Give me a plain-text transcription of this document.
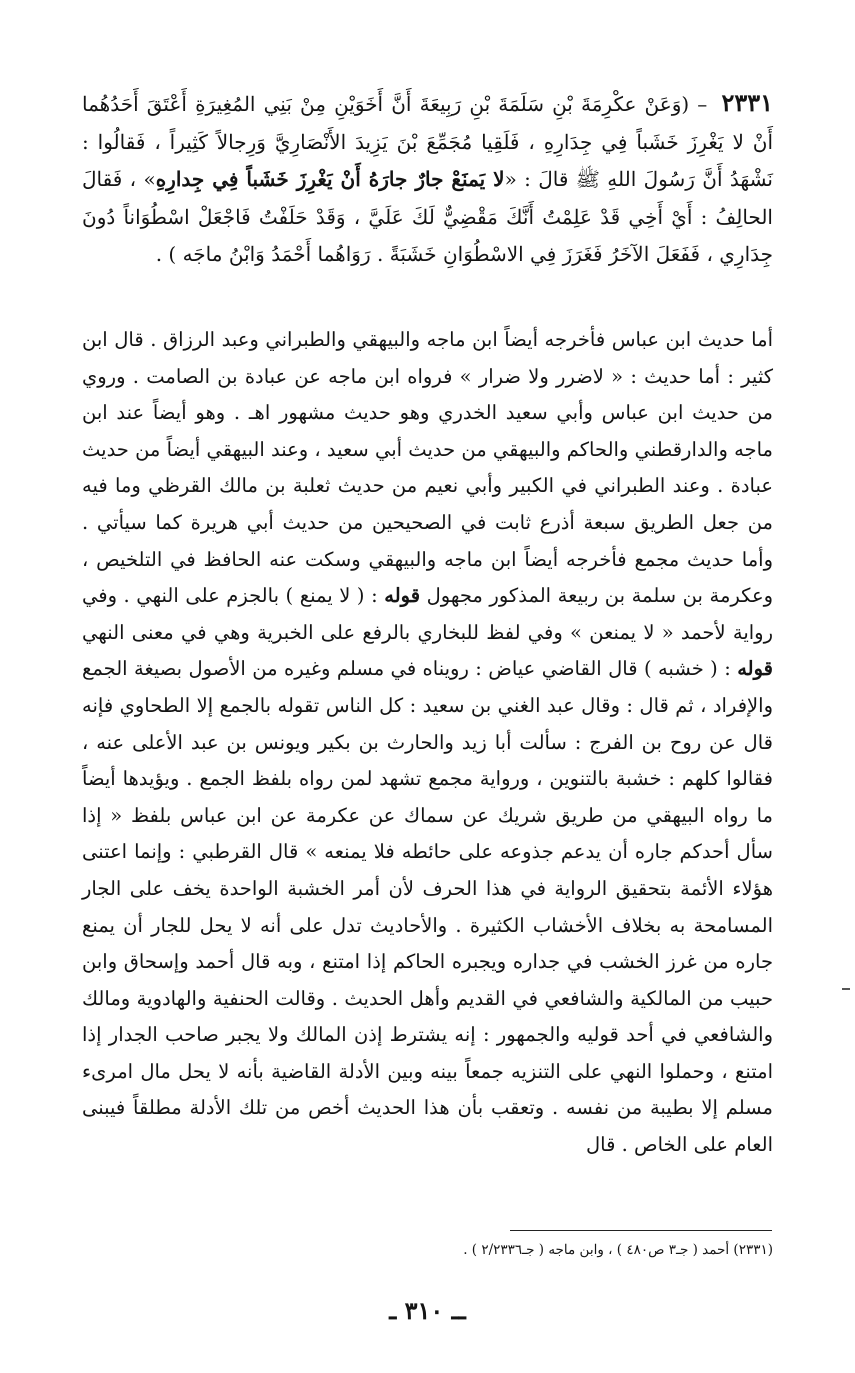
٢٣٣١ – (وَعَنْ عكْرِمَةَ بْنِ سَلَمَةَ بْنِ رَبِيعَةَ أَنَّ أَخَوَيْنِ مِنْ بَنِي المُغِيرَةِ أَعْتَقَ أَحَدُهُما أَنْ لا يَغْرِزَ خَشَباً فِي جِدَارِهِ ، فَلَقِيا مُجَمِّعَ بْنَ يَزِيدَ الأَنْصَارِيَّ وَرِجالاً كَثِيراً ، فَقالُوا : نَشْهَدُ أَنَّ رَسُولَ اللهِ ﷺ قالَ : «لا يَمنَعْ جارٌ جارَهُ أَنْ يَغْرِزَ خَشَباً فِي جِدارِهِ» ، فَقالَ الحالِفُ : أَيْ أَخِي قَدْ عَلِمْتُ أَنَّكَ مَقْضِيٌّ لَكَ عَلَيَّ ، وَقَدْ حَلَفْتُ فَاجْعَلْ اسْطُوَاناً دُونَ جِدَارِي ، فَفَعَلَ الآخَرُ فَغَرَزَ فِي الاسْطُوَانِ خَشَبَةً . رَوَاهُما أَحْمَدُ وَابْنُ ماجَه ) .
أما حديث ابن عباس فأخرجه أيضاً ابن ماجه والبيهقي والطبراني وعبد الرزاق . قال ابن كثير : أما حديث : « لاضرر ولا ضرار » فرواه ابن ماجه عن عبادة بن الصامت . وروي من حديث ابن عباس وأبي سعيد الخدري وهو حديث مشهور اهـ . وهو أيضاً عند ابن ماجه والدارقطني والحاكم والبيهقي من حديث أبي سعيد ، وعند البيهقي أيضاً من حديث عبادة . وعند الطبراني في الكبير وأبي نعيم من حديث ثعلبة بن مالك القرظي وما فيه من جعل الطريق سبعة أذرع ثابت في الصحيحين من حديث أبي هريرة كما سيأتي . وأما حديث مجمع فأخرجه أيضاً ابن ماجه والبيهقي وسكت عنه الحافظ في التلخيص ، وعكرمة بن سلمة بن ربيعة المذكور مجهول قوله : ( لا يمنع ) بالجزم على النهي . وفي رواية لأحمد « لا يمنعن » وفي لفظ للبخاري بالرفع على الخبرية وهي في معنى النهي قوله : ( خشبه ) قال القاضي عياض : رويناه في مسلم وغيره من الأصول بصيغة الجمع والإفراد ، ثم قال : وقال عبد الغني بن سعيد : كل الناس تقوله بالجمع إلا الطحاوي فإنه قال عن روح بن الفرج : سألت أبا زيد والحارث بن بكير ويونس بن عبد الأعلى عنه ، فقالوا كلهم : خشبة بالتنوين ، ورواية مجمع تشهد لمن رواه بلفظ الجمع . ويؤيدها أيضاً ما رواه البيهقي من طريق شريك عن سماك عن عكرمة عن ابن عباس بلفظ « إذا سأل أحدكم جاره أن يدعم جذوعه على حائطه فلا يمنعه » قال القرطبي : وإنما اعتنى هؤلاء الأئمة بتحقيق الرواية في هذا الحرف لأن أمر الخشبة الواحدة يخف على الجار المسامحة به بخلاف الأخشاب الكثيرة . والأحاديث تدل على أنه لا يحل للجار أن يمنع جاره من غرز الخشب في جداره ويجبره الحاكم إذا امتنع ، وبه قال أحمد وإسحاق وابن حبيب من المالكية والشافعي في القديم وأهل الحديث . وقالت الحنفية والهادوية ومالك والشافعي في أحد قوليه والجمهور : إنه يشترط إذن المالك ولا يجبر صاحب الجدار إذا امتنع ، وحملوا النهي على التنزيه جمعاً بينه وبين الأدلة القاضية بأنه لا يحل مال امرىء مسلم إلا بطيبة من نفسه . وتعقب بأن هذا الحديث أخص من تلك الأدلة مطلقاً فيبنى العام على الخاص . قال
(٢٣٣١) أحمد ( جـ٣ ص٤٨٠ ) ، وابن ماجه ( جـ٢/٢٣٣٦ ) .
ــ ٣١٠ ـ
